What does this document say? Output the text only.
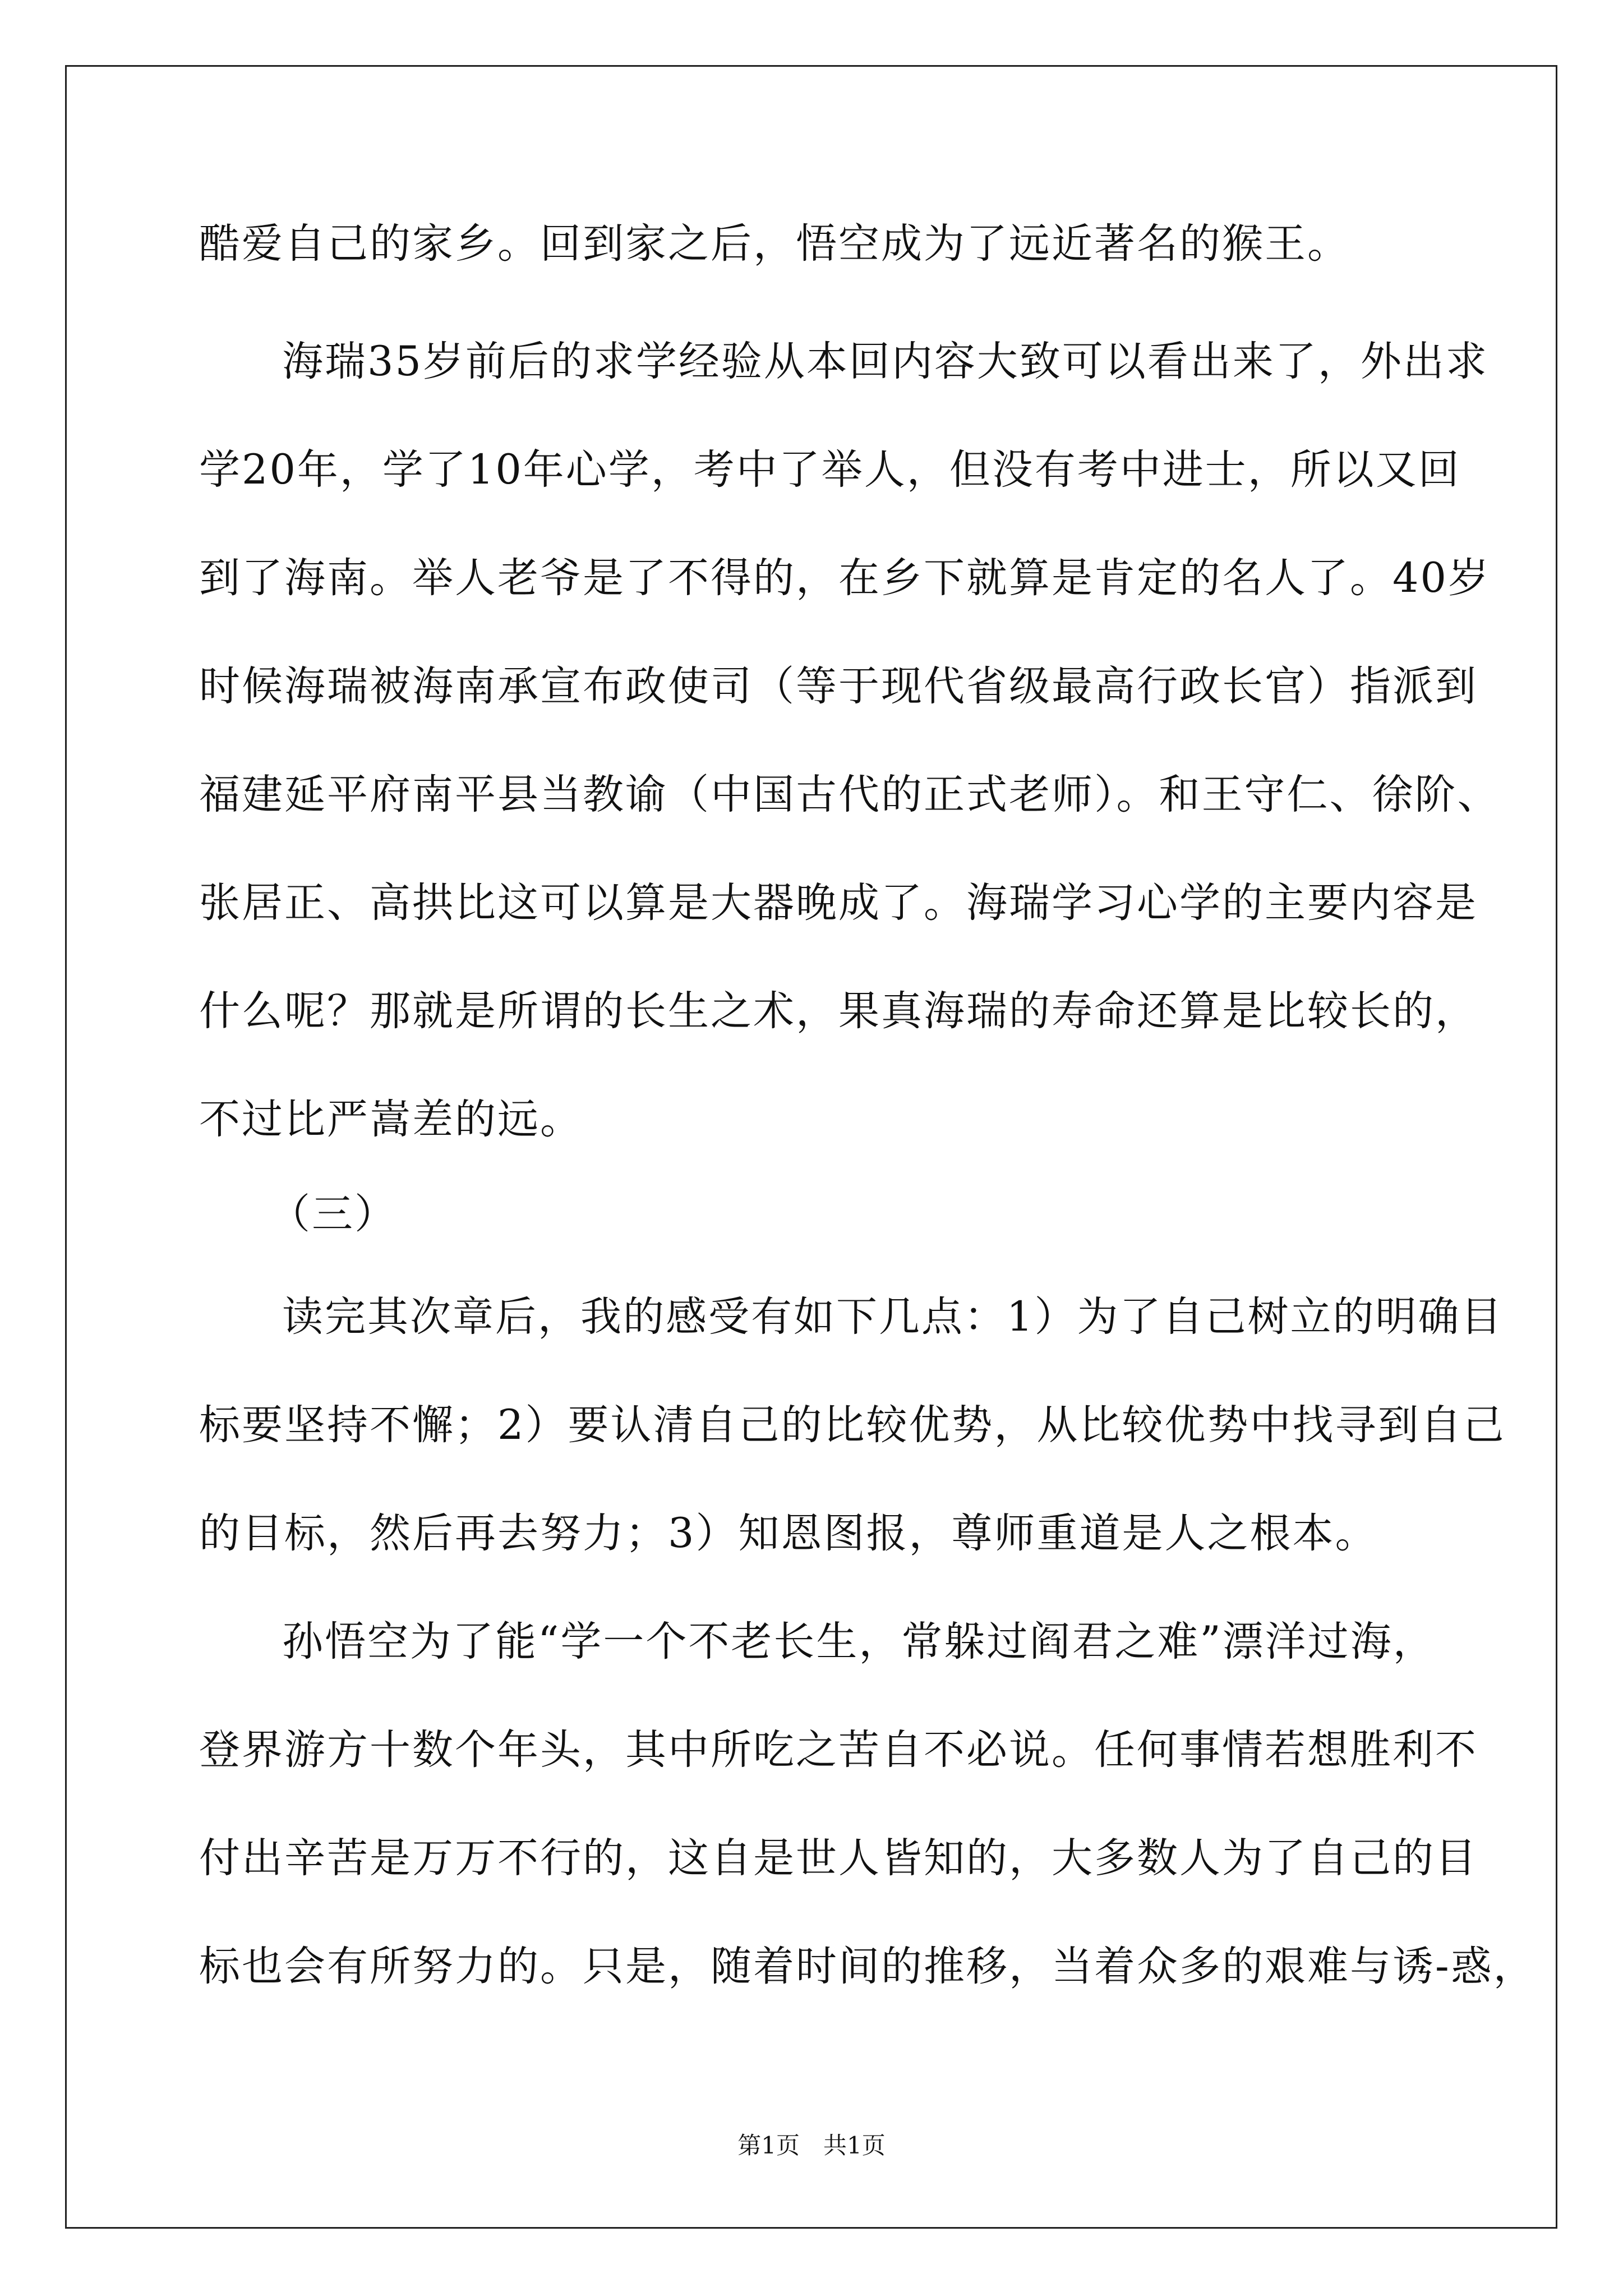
酷爱自己的家乡。回到家之后，悟空成为了远近著名的猴王。
海瑞35岁前后的求学经验从本回内容大致可以看出来了，外出求
学20年，学了10年心学，考中了举人，但没有考中进士，所以又回
到了海南。举人老爷是了不得的，在乡下就算是肯定的名人了。40岁
时候海瑞被海南承宣布政使司（等于现代省级最高行政长官）指派到
福建延平府南平县当教谕（中国古代的正式老师）。和王守仁、徐阶、
张居正、高拱比这可以算是大器晚成了。海瑞学习心学的主要内容是
什么呢？那就是所谓的长生之术，果真海瑞的寿命还算是比较长的，
不过比严嵩差的远。
（三）
读完其次章后，我的感受有如下几点：1）为了自己树立的明确目
标要坚持不懈；2）要认清自己的比较优势，从比较优势中找寻到自己
的目标，然后再去努力；3）知恩图报，尊师重道是人之根本。
孙悟空为了能“学一个不老长生，常躲过阎君之难”漂洋过海，
登界游方十数个年头，其中所吃之苦自不必说。任何事情若想胜利不
付出辛苦是万万不行的，这自是世人皆知的，大多数人为了自己的目
标也会有所努力的。只是，随着时间的推移，当着众多的艰难与诱-惑，
第1页　共1页
